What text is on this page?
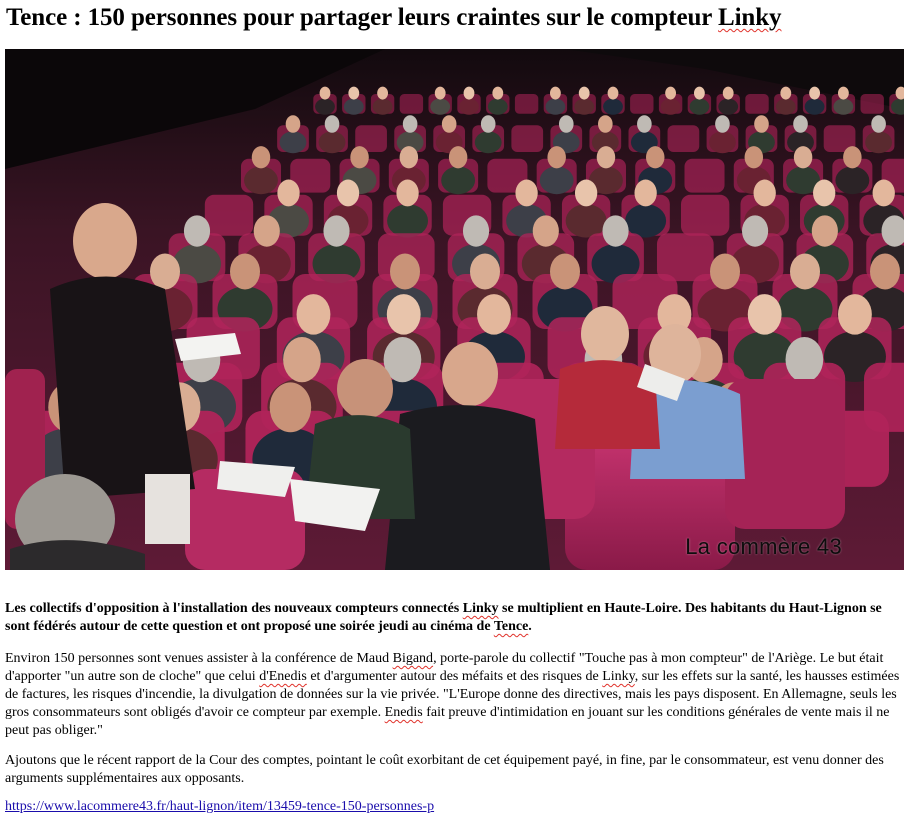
Tence : 150 personnes pour partager leurs craintes sur le compteur Linky
La commère 43

Les collectifs d'opposition à l'installation des nouveaux compteurs connectés Linky se multiplient en Haute-Loire. Des habitants du Haut-Lignon se sont fédérés autour de cette question et ont proposé une soirée jeudi au cinéma de Tence.

Environ 150 personnes sont venues assister à la conférence de Maud Bigand, porte-parole du collectif "Touche pas à mon compteur" de l'Ariège. Le but était d'apporter "un autre son de cloche" que celui d'Enedis et d'argumenter autour des méfaits et des risques de Linky, sur les effets sur la santé, les hausses estimées de factures, les risques d'incendie, la divulgation de données sur la vie privée. "L'Europe donne des directives, mais les pays disposent. En Allemagne, seuls les gros consommateurs sont obligés d'avoir ce compteur par exemple. Enedis fait preuve d'intimidation en jouant sur les conditions générales de vente mais il ne peut pas obliger."

Ajoutons que le récent rapport de la Cour des comptes, pointant le coût exorbitant de cet équipement payé, in fine, par le consommateur, est venu donner des arguments supplémentaires aux opposants.

https://www.lacommere43.fr/haut-lignon/item/13459-tence-150-personnes-p
